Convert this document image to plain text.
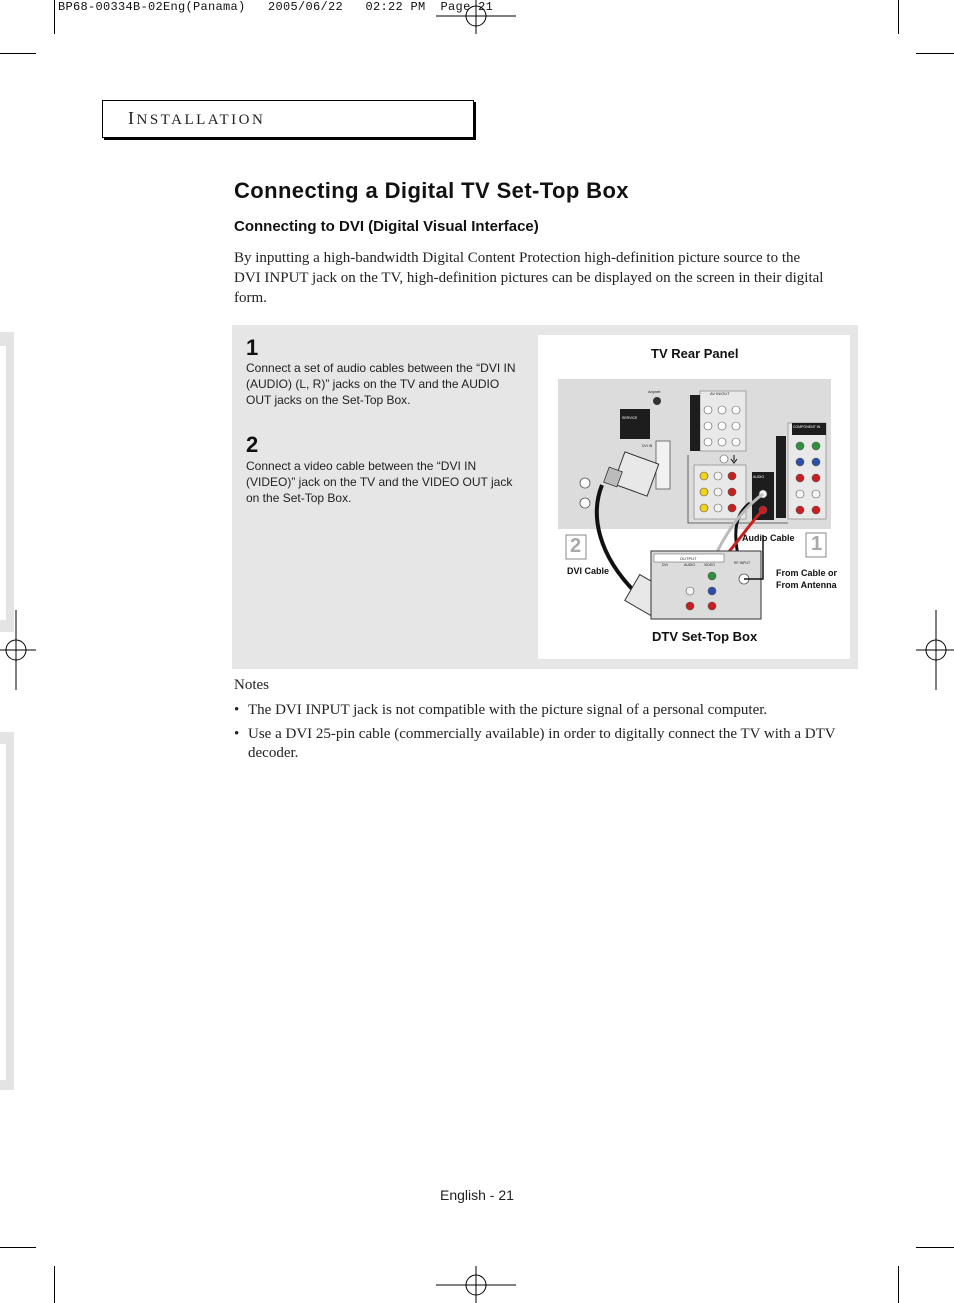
BP68-00334B-02Eng(Panama)   2005/06/22   02:22 PM  Page 21
INSTALLATION
Connecting a Digital TV Set-Top Box
Connecting to DVI (Digital Visual Interface)
By inputting a high-bandwidth Digital Content Protection high-definition picture source to the DVI INPUT jack on the TV, high-definition pictures can be displayed on the screen in their digital form.
1
Connect a set of audio cables between the “DVI IN (AUDIO) (L, R)” jacks on the TV and the AUDIO OUT jacks on the Set-Top Box.
2
Connect a video cable between the “DVI IN (VIDEO)” jack on the TV and the VIDEO OUT jack on the Set-Top Box.
TV Rear Panel
SERVICE
Anynet	AV IN/OUT
DVI IN
AUDIO
COMPONENT IN
OUTPUT
DVI	AUDIO	VIDEO	RF INPUT
2	1
Audio Cable
DVI Cable	From Cable or
From Antenna
DTV Set-Top Box
Notes
• The DVI INPUT jack is not compatible with the picture signal of a personal computer.
• Use a DVI 25-pin cable (commercially available) in order to digitally connect the TV with a DTV decoder.
English - 21
